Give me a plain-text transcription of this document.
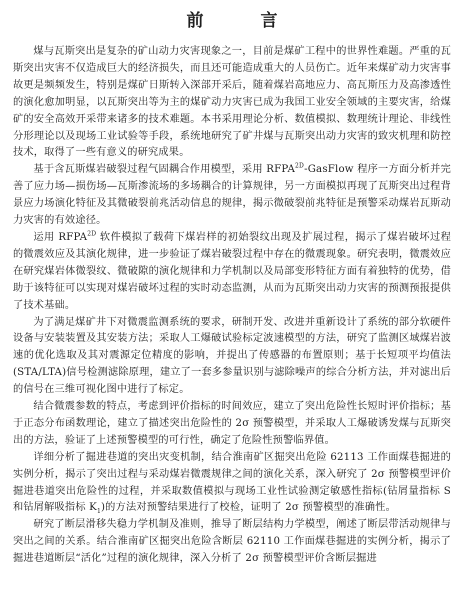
前　言

煤与瓦斯突出是复杂的矿山动力灾害现象之一，目前是煤矿工程中的世界性难题。严重的瓦斯突出灾害不仅造成巨大的经济损失，而且还可能造成重大的人员伤亡。近年来煤矿动力灾害事故更是频频发生，特别是煤矿日斯转入深部开采后，随着煤岩高地应力、高瓦斯压力及高渗透性的演化愈加明显，以瓦斯突出等为主的煤矿动力灾害已成为我国工业安全领域的主要灾害，给煤矿的安全高效开采带来诸多的技术难题。本书采用理论分析、数值模拟、数理统计理论、非线性分形理论以及现场工业试验等手段，系统地研究了矿井煤与瓦斯突出动力灾害的致灾机理和防控技术，取得了一些有意义的研究成果。

基于含瓦斯煤岩破裂过程气固耦合作用模型，采用 $RFPA^{2D}$-GasFlow 程序一方面分析并完善了应力场—损伤场—瓦斯渗流场的多场耦合的计算规律，另一方面模拟再现了瓦斯突出过程背景应力场演化特征及其微破裂前兆活动信息的规律，揭示微破裂前兆特征是预警采动煤岩瓦斯动力灾害的有效途径。

运用 $RFPA^{2D}$ 软件模拟了载荷下煤岩样的初始裂纹出现及扩展过程，揭示了煤岩破坏过程的微震效应及其演化规律，进一步验证了煤岩破裂过程中存在的微震现象。研究表明，微震效应在研究煤岩体微裂纹、微破隙的演化规律和力学机制以及局部变形特征方面有着独特的优势，借助于该特征可以实现对煤岩破坏过程的实时动态监测，从而为瓦斯突出动力灾害的预测预报提供了技术基础。

为了满足煤矿井下对微震监测系统的要求，研制开发、改进并重新设计了系统的部分软硬件设备与安装装置及其安装方法；采取人工爆破试验标定波速模型的方法，研究了监测区域煤岩波速的优化选取及其对震源定位精度的影响，并提出了传感器的布置原则；基于长短项平均值法(STA/LTA)信号检测滤除原理，建立了一套多参量识别与滤除噪声的综合分析方法，并对滤出后的信号在三维可视化图中进行了标定。

结合微震参数的特点，考虑到评价指标的时间效应，建立了突出危险性长短时评价指标；基于正态分布函数理论，建立了描述突出危险性的 2σ 预警模型，并采取人工爆破诱发煤与瓦斯突出的方法，验证了上述预警模型的可行性，确定了危险性预警临界值。

详细分析了掘进巷道的突出灾变机制，结合淮南矿区掘突出危险 62113 工作面煤巷掘进的实例分析，揭示了突出过程与采动煤岩微震规律之间的演化关系，深入研究了 2σ 预警模型评价掘进巷道突出危险性的过程，并采取数值模拟与现场工业性试验测定敏感性指标(钻屑量指标 S 和钻屑解吸指标 $K_1$)的方法对预警结果进行了校检，证明了 2σ 预警模型的准确性。

研究了断层滑移失稳力学机制及准则，推导了断层结构力学模型，阐述了断层带活动规律与突出之间的关系。结合淮南矿区掘突出危险含断层 62110 工作面煤巷掘进的实例分析，揭示了掘进巷道断层“活化”过程的演化规律，深入分析了 2σ 预警模型评价含断层掘进
